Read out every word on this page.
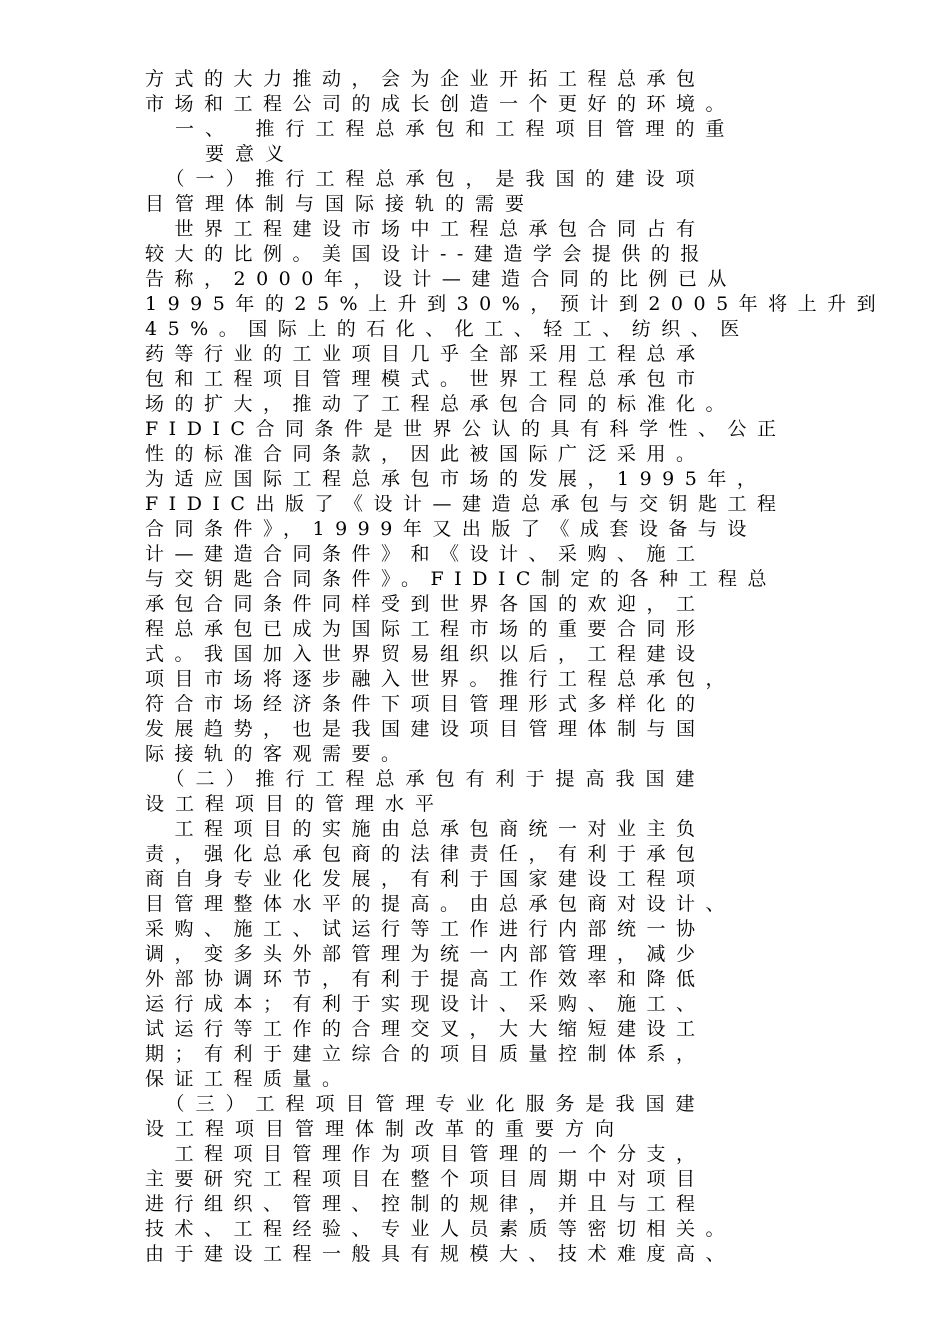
方式的大力推动，会为企业开拓工程总承包
市场和工程公司的成长创造一个更好的环境。
　一、　推行工程总承包和工程项目管理的重
　　要意义
　（一）推行工程总承包，是我国的建设项
目管理体制与国际接轨的需要
　世界工程建设市场中工程总承包合同占有
较大的比例。美国设计--建造学会提供的报
告称，2000年，设计—建造合同的比例已从
1995年的25%上升到30%，预计到2005年将上升到
45%。国际上的石化、化工、轻工、纺织、医
药等行业的工业项目几乎全部采用工程总承
包和工程项目管理模式。世界工程总承包市
场的扩大，推动了工程总承包合同的标准化。
FIDIC合同条件是世界公认的具有科学性、公正
性的标准合同条款，因此被国际广泛采用。
为适应国际工程总承包市场的发展，1995年，
FIDIC出版了《设计—建造总承包与交钥匙工程
合同条件》，1999年又出版了《成套设备与设
计—建造合同条件》和《设计、采购、施工
与交钥匙合同条件》。FIDIC制定的各种工程总
承包合同条件同样受到世界各国的欢迎，工
程总承包已成为国际工程市场的重要合同形
式。我国加入世界贸易组织以后，工程建设
项目市场将逐步融入世界。推行工程总承包，
符合市场经济条件下项目管理形式多样化的
发展趋势，也是我国建设项目管理体制与国
际接轨的客观需要。
　（二）推行工程总承包有利于提高我国建
设工程项目的管理水平
　工程项目的实施由总承包商统一对业主负
责，强化总承包商的法律责任，有利于承包
商自身专业化发展，有利于国家建设工程项
目管理整体水平的提高。由总承包商对设计、
采购、施工、试运行等工作进行内部统一协
调，变多头外部管理为统一内部管理，减少
外部协调环节，有利于提高工作效率和降低
运行成本；有利于实现设计、采购、施工、
试运行等工作的合理交叉，大大缩短建设工
期；有利于建立综合的项目质量控制体系，
保证工程质量。
　（三）工程项目管理专业化服务是我国建
设工程项目管理体制改革的重要方向
　工程项目管理作为项目管理的一个分支，
主要研究工程项目在整个项目周期中对项目
进行组织、管理、控制的规律，并且与工程
技术、工程经验、专业人员素质等密切相关。
由于建设工程一般具有规模大、技术难度高、
